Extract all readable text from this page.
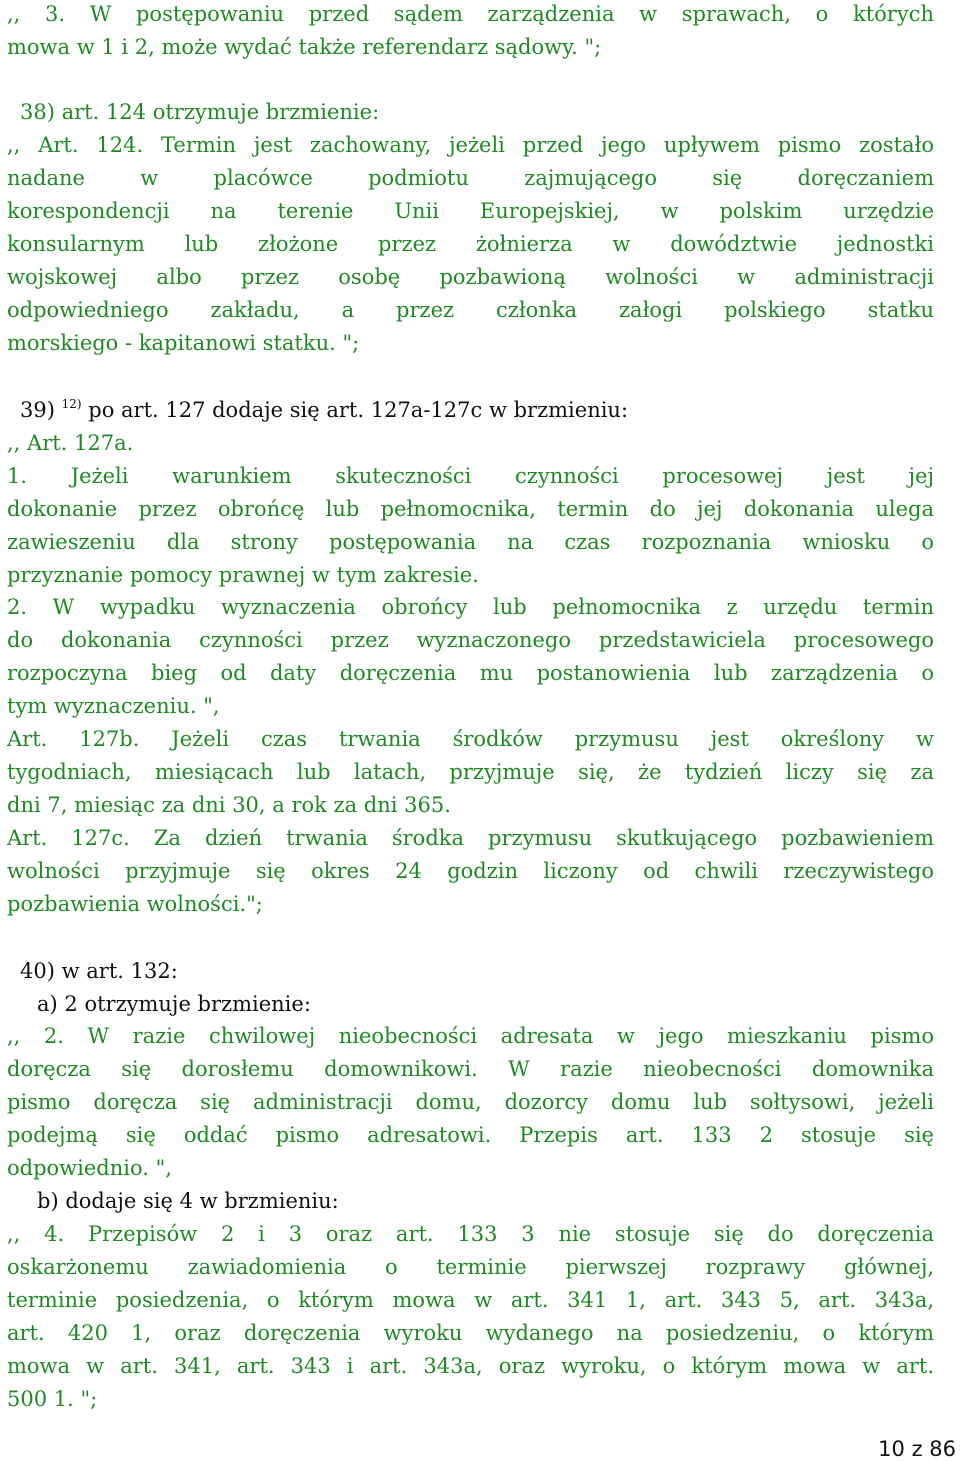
,, 3. W postępowaniu przed sądem zarządzenia w sprawach, o których
mowa w 1 i 2, może wydać także referendarz sądowy. ";
38) art. 124 otrzymuje brzmienie:
,, Art. 124. Termin jest zachowany, jeżeli przed jego upływem pismo zostało
nadane w placówce podmiotu zajmującego się doręczaniem
korespondencji na terenie Unii Europejskiej, w polskim urzędzie
konsularnym lub złożone przez żołnierza w dowództwie jednostki
wojskowej albo przez osobę pozbawioną wolności w administracji
odpowiedniego zakładu, a przez członka załogi polskiego statku
morskiego - kapitanowi statku. ";
39) $^{12)}$ po art. 127 dodaje się art. 127a-127c w brzmieniu:
,, Art. 127a.
1. Jeżeli warunkiem skuteczności czynności procesowej jest jej
dokonanie przez obrońcę lub pełnomocnika, termin do jej dokonania ulega
zawieszeniu dla strony postępowania na czas rozpoznania wniosku o
przyznanie pomocy prawnej w tym zakresie.
2. W wypadku wyznaczenia obrońcy lub pełnomocnika z urzędu termin
do dokonania czynności przez wyznaczonego przedstawiciela procesowego
rozpoczyna bieg od daty doręczenia mu postanowienia lub zarządzenia o
tym wyznaczeniu. ",
Art. 127b. Jeżeli czas trwania środków przymusu jest określony w
tygodniach, miesiącach lub latach, przyjmuje się, że tydzień liczy się za
dni 7, miesiąc za dni 30, a rok za dni 365.
Art. 127c. Za dzień trwania środka przymusu skutkującego pozbawieniem
wolności przyjmuje się okres 24 godzin liczony od chwili rzeczywistego
pozbawienia wolności.";
40) w art. 132:
a) 2 otrzymuje brzmienie:
,, 2. W razie chwilowej nieobecności adresata w jego mieszkaniu pismo
doręcza się dorosłemu domownikowi. W razie nieobecności domownika
pismo doręcza się administracji domu, dozorcy domu lub sołtysowi, jeżeli
podejmą się oddać pismo adresatowi. Przepis art. 133 2 stosuje się
odpowiednio. ",
b) dodaje się 4 w brzmieniu:
,, 4. Przepisów 2 i 3 oraz art. 133 3 nie stosuje się do doręczenia
oskarżonemu zawiadomienia o terminie pierwszej rozprawy głównej,
terminie posiedzenia, o którym mowa w art. 341 1, art. 343 5, art. 343a,
art. 420 1, oraz doręczenia wyroku wydanego na posiedzeniu, o którym
mowa w art. 341, art. 343 i art. 343a, oraz wyroku, o którym mowa w art.
500 1. ";
10 z 86
